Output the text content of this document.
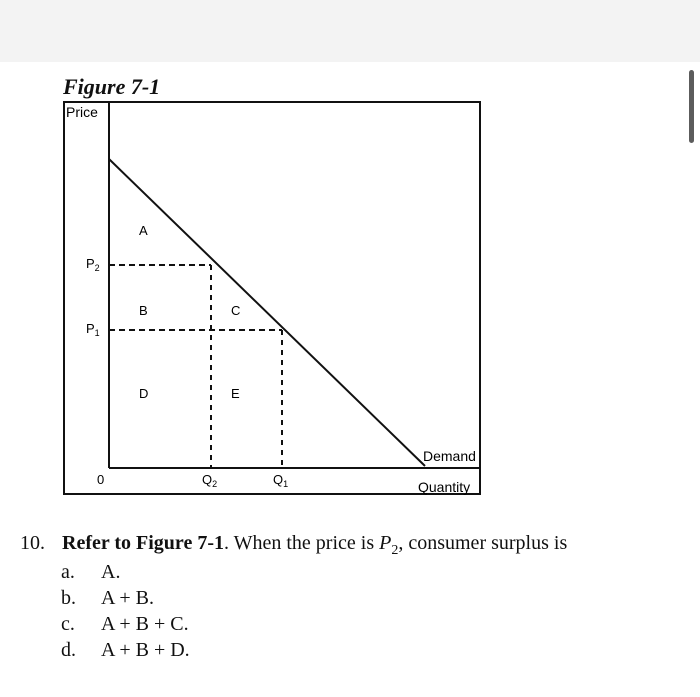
Figure 7-1
Price
Quantity
Demand
0
$P_2$
$P_1$
$Q_2$	$Q_1$
A
B	C
D	E
10. Refer to Figure 7-1. When the price is $P_2$, consumer surplus is
a. A.
b. A + B.
c. A + B + C.
d. A + B + D.
